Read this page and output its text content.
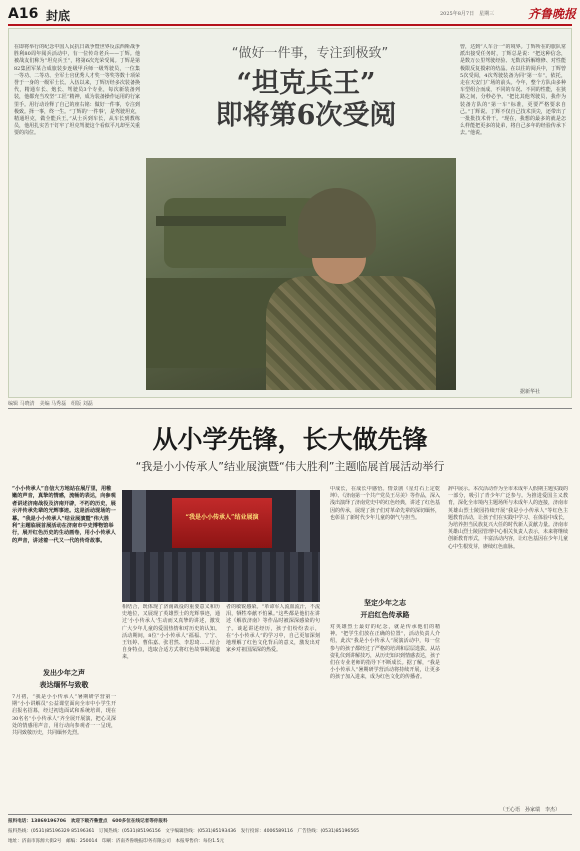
A16 封底	2025年8月7日　星期三	齐鲁晚报
在即将举行的纪念中国人民抗日战争暨世界反法西斯战争胜利80周年阅兵活动中，有一位传奇老兵——丁辉。他被战友们称为“坦克兵王”，将第6次光荣受阅。丁辉是第82集团军某合成旅装步连级甲兵师一级驾驶员，一位集一等功、二等功、全军士官优秀人才奖一等奖等数十项荣誉于一身的一级军士长。入伍以来，丁辉历经多次装备换代，精通车长、炮长、驾驶员3个专业，每次新装备列装，他都充当攻坚“工匠”精神，成为装备操作运用的行家里手。用行动诠释了自己的座右铭：做好一件事，专注到极致。择一事，终一生。“丁辉的‘一件事’，是驾驶坦克，精通坦克，做全能兵王。”从士兵到车长，从车长到教练员，他用扎实苦干钉牢了坦克驾驶这个看似平凡却至关重要的岗位。
“做好一件事，专注到极致”
“坦克兵王”
即将第6次受阅
曾，达到“人车合一”的境界。丁辉所在的旅队常派出接受任务时，丁辉总是说：“把这种信念，是数万公里驾驶经验、无数次拆解维修、对性能极限反复摸索的结晶。在以往的阅兵中，丁辉曾5次受阅，4次驾驶装备为同“第一车”。依托，走在天安门广场的前头。今年，整个方队由多种车型组合而成，不同的车况、不同的性能，在狭路之间，分秒必争。“把比其他驾驶员，我作为装备方队的“第一车”标准，更要严格要求自己。”丁辉说。丁辉不仅自己技术顶尖，还带出了一批批技术骨干。“现在，我想的最多的就是怎么样能把更多的徒弟，将自己多年的经验传承下去。”他说。
据新华社
编辑 马晓清　美编 马秀磊　组版 刘磊
从小学先锋，长大做先锋
“我是小小传承人”结业展演暨“伟大胜利”主题临展首展活动举行
“小小传承人”自信大方地站在展厅里，用稚嫩的声音，真挚的情感，流畅的表达，向参观者讲述济南战役及济南开辟，不朽的历史，展示并传承先辈的光辉事迹。这是活动现场的一幕。“我是小小传承人”结业展演暨“伟大胜利”主题临展首展活动在济南市中史博物馆举行，展开红色历史的生动画卷，用小小传承人的声音，讲述着一代又一代的传奇故事。
发出少年之声
表达缅怀与致敬
7月初，“我是小小传承人”暑期研学营第一期“小小讲解员”公益课堂面向全市中小学生开启报名招募，经过初选面试和系统培训，现在30名名“小小传承人”齐全展开展演，把心灵深处的情感用声音，用行动向参观者一一呈现，共同致敬历史，共同缅怀先烈。
“我是小小传承人”结业展演
相结合，既体现了济南战役的重要意义和历史地位，又展现了英雄烈士的光辉事迹，通过‘小小传承人’生动而又真挚的讲述，激发广大少年儿童的爱国热情和对历史的认知。活动期间，8位“小小传承人”福福、宁宁、王钰婷、曹佑嘉、张君然、李思琦……结合自身特点，选取合适方式将红色故事娓娓道来，
者的敏锐感染。“革命军人流血流汗，不流泪，牺牲奉献不怕累。”这些都是他们在讲述《解放济南》等作品时被深深感染的句子。谈起讲述经历，孩子们纷纷表示，在“小小传承人”的学习中，自己更加深刻地理解了红色文化背后的意义，激发出对家乡对祖国深深的热爱。
中成长，在成长中感悟。情景剧《星灯石上定乾坤》、《济南第一个共产党员王尽美》等作品，深入浅出演绎了济南党史中的红色经典，讲述了红色基因的传承，展现了孩子们对革命先辈的深切缅怀，也彰显了新时代少年儿童的朝气与担当。
坚定少年之志
开启红色传承路
对英雄烈士最好的纪念，就是传承他们的精神。“把学生们放在正确的位置”，活动负责人介绍，此次“我是小小传承人”展演活动中，每一位参与的孩子都经过了严格的培训和层层选拔。从站姿礼仪到讲解技巧，从历史知识到情感表达，孩子们在专业老师的指导下不断成长。据了解，“我是小小传承人”暑期研学营活动将持续开展，让更多的孩子加入进来，成为红色文化的传播者。
辞中展示。本次活动作为全市未成年人假期主题实践的一部分，吸引了青少年广泛参与。为推进爱国主义教育，深化全市境内主题场所与未成年人的连接，济南市英雄山烈士陵园持续开展“我是小小传承人”等红色主题教育活动，让孩子们在实践中学习、在体验中成长，为培养担当民族复兴大任的时代新人贡献力量。济南市英雄山烈士陵园管理中心相关负责人表示，未来将继续创新教育形式，丰富活动内容，让红色基因在少年儿童心中生根发芽，赓续红色血脉。
（王心语　孙家瑞　李杰）
报料电话：13869196706　欢迎下载齐鲁壹点　600多位在线记者等你报料
报料热线：(0531)85196329 85196361　订阅热线：(0531)85196156　文字编辑热线：(0531)85193436　发行投诉：4006589116　广告热线：(0531)85196565
地址：济南市泺源大街2号　邮编：250014　印刷：济南齐鲁晚报印务有限公司　本报零售价：每份1.5元
